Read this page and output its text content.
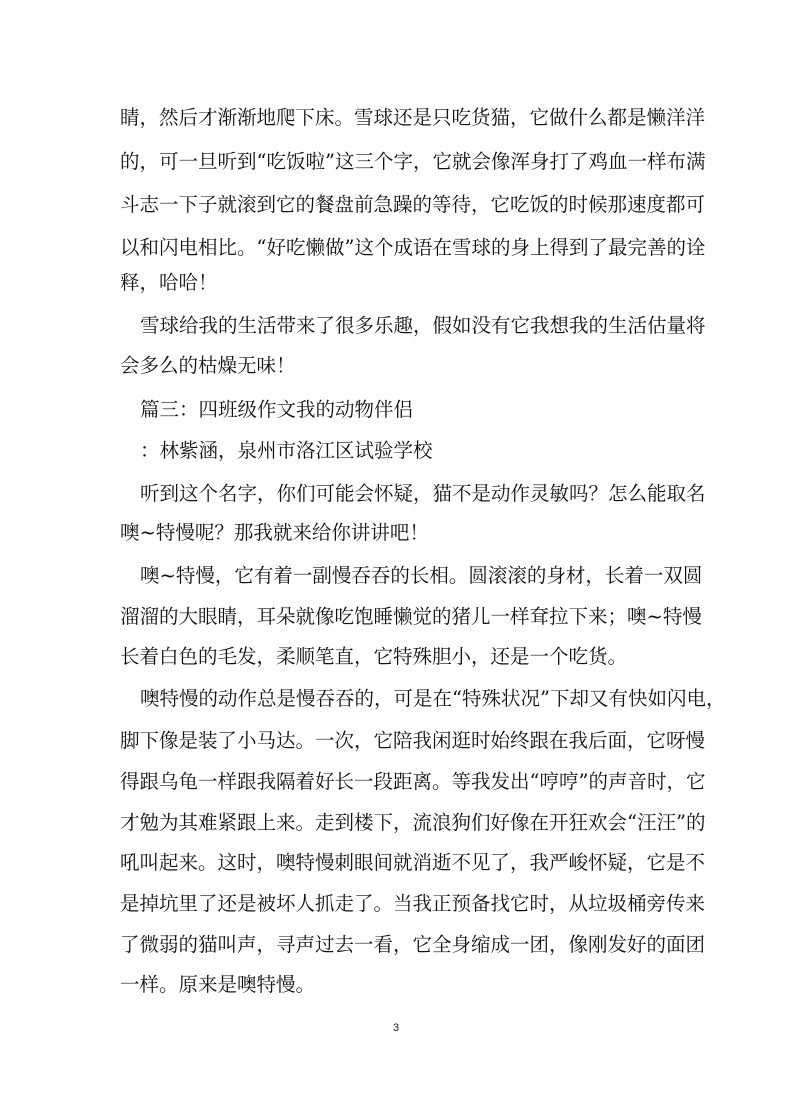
睛，然后才渐渐地爬下床。雪球还是只吃货猫，它做什么都是懒洋洋
的，可一旦听到“吃饭啦”这三个字，它就会像浑身打了鸡血一样布满
斗志一下子就滚到它的餐盘前急躁的等待，它吃饭的时候那速度都可
以和闪电相比。“好吃懒做”这个成语在雪球的身上得到了最完善的诠
释，哈哈！
雪球给我的生活带来了很多乐趣，假如没有它我想我的生活估量将
会多么的枯燥无味！
篇三：四班级作文我的动物伴侣
：林紫涵，泉州市洛江区试验学校
听到这个名字，你们可能会怀疑，猫不是动作灵敏吗？怎么能取名
噢~特慢呢？那我就来给你讲讲吧！
噢~特慢，它有着一副慢吞吞的长相。圆滚滚的身材，长着一双圆
溜溜的大眼睛，耳朵就像吃饱睡懒觉的猪儿一样耷拉下来；噢~特慢
长着白色的毛发，柔顺笔直，它特殊胆小，还是一个吃货。
噢特慢的动作总是慢吞吞的，可是在“特殊状况”下却又有快如闪电，
脚下像是装了小马达。一次，它陪我闲逛时始终跟在我后面，它呀慢
得跟乌龟一样跟我隔着好长一段距离。等我发出“哼哼”的声音时，它
才勉为其难紧跟上来。走到楼下，流浪狗们好像在开狂欢会“汪汪”的
吼叫起来。这时，噢特慢刺眼间就消逝不见了，我严峻怀疑，它是不
是掉坑里了还是被坏人抓走了。当我正预备找它时，从垃圾桶旁传来
了微弱的猫叫声，寻声过去一看，它全身缩成一团，像刚发好的面团
一样。原来是噢特慢。
3
